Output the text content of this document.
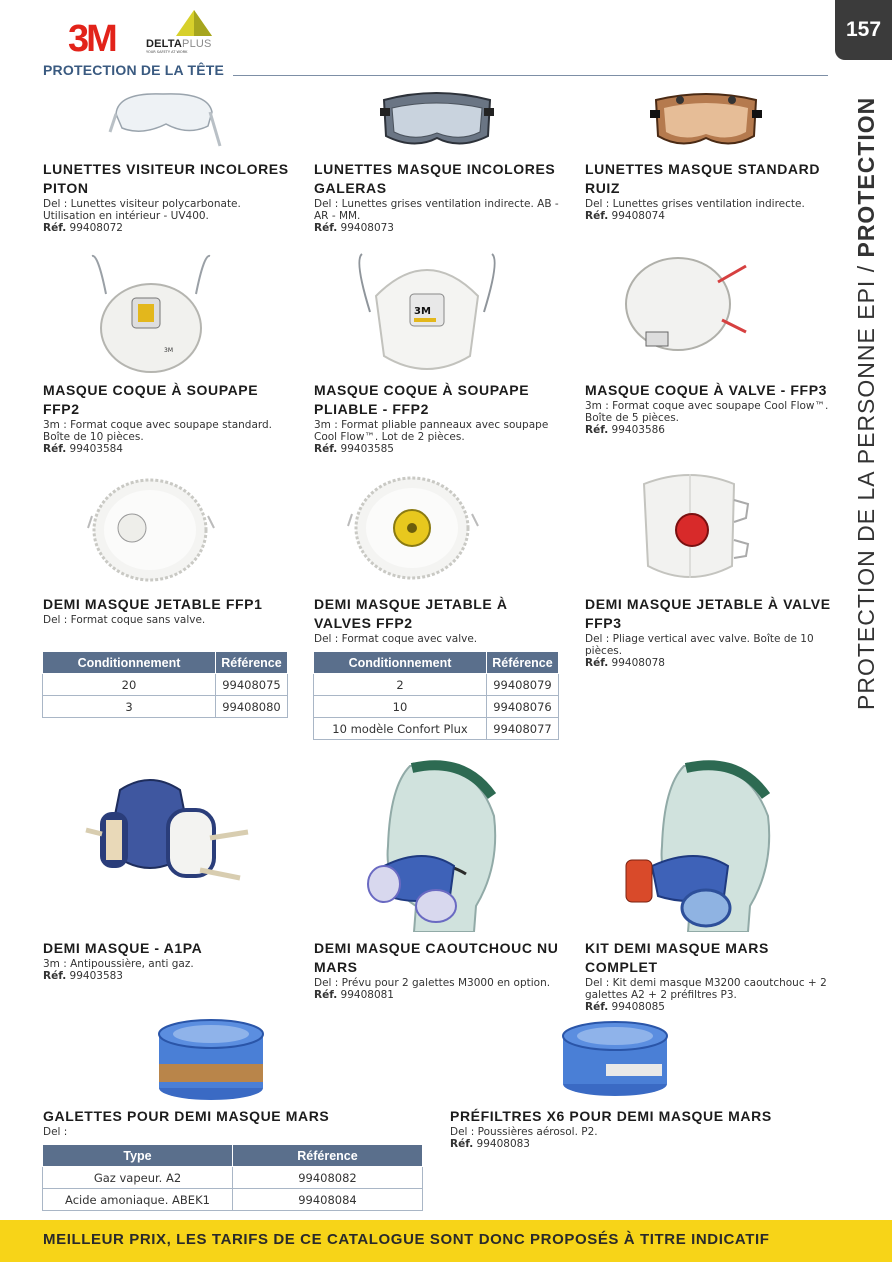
3M	DELTAPLUS
YOUR SAFETY AT WORK
PROTECTION DE LA TÊTE
157
PROTECTION DE LA PERSONNE EPI / PROTECTION
LUNETTES VISITEUR INCOLORES PITON
Del : Lunettes visiteur polycarbonate. Utilisation en intérieur - UV400.
Réf. 99408072
LUNETTES MASQUE INCOLORES GALERAS
Del : Lunettes grises ventilation indirecte. AB - AR - MM.
Réf. 99408073
LUNETTES MASQUE STANDARD RUIZ
Del : Lunettes grises ventilation indirecte.
Réf. 99408074
3M
3M
MASQUE COQUE À SOUPAPE FFP2
3m : Format coque avec soupape standard. Boîte de 10 pièces.
Réf. 99403584
MASQUE COQUE À SOUPAPE PLIABLE - FFP2
3m : Format pliable panneaux avec soupape Cool Flow™. Lot de 2 pièces.
Réf. 99403585
MASQUE COQUE À VALVE - FFP3
3m : Format coque avec soupape Cool Flow™. Boîte de 5 pièces.
Réf. 99403586
DEMI MASQUE JETABLE FFP1
Del : Format coque sans valve.
DEMI MASQUE JETABLE À VALVES FFP2
Del : Format coque avec valve.
DEMI MASQUE JETABLE À VALVE FFP3
Del : Pliage vertical avec valve. Boîte de 10 pièces.
Réf. 99408078
Conditionnement	Référence
20	99408075
3	99408080
Conditionnement	Référence
2	99408079
10	99408076
10 modèle Confort Plux	99408077
DEMI MASQUE - A1PA
3m : Antipoussière, anti gaz.
Réf. 99403583
DEMI MASQUE CAOUTCHOUC NU MARS
Del : Prévu pour 2 galettes M3000 en option.
Réf. 99408081
KIT DEMI MASQUE MARS COMPLET
Del : Kit demi masque M3200 caoutchouc + 2 galettes A2 + 2 préfiltres P3.
Réf. 99408085
GALETTES POUR DEMI MASQUE MARS
Del :
PRÉFILTRES X6 POUR DEMI MASQUE MARS
Del : Poussières aérosol. P2.
Réf. 99408083
Type	Référence
Gaz vapeur. A2	99408082
Acide amoniaque. ABEK1	99408084
MEILLEUR PRIX, LES TARIFS DE CE CATALOGUE SONT DONC PROPOSÉS À TITRE INDICATIF
